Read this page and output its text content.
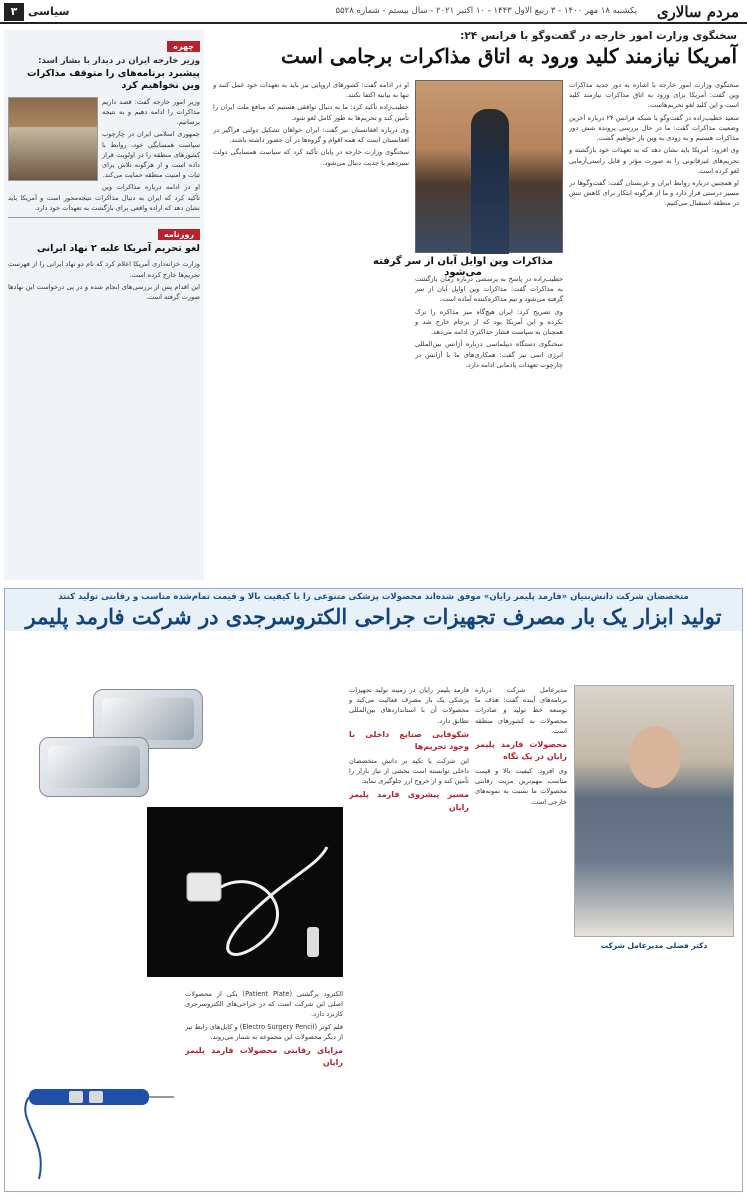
مردم سالاری
یکشنبه ۱۸ مهر ۱۴۰۰ - ۳ ربیع الاول ۱۴۴۳ - ۱۰ اکتبر ۲۰۲۱ - سال بیستم - شماره ۵۵۲۸
سیاسی
۳
چهره
وزیر خارجه ایران در دیدار با بشار اسد:
پیشبرد برنامه‌های را متوقف مذاکرات وین نخواهیم کرد

وزیر امور خارجه گفت: قصد داریم مذاکرات را ادامه دهیم و به نتیجه برسانیم.

جمهوری اسلامی ایران در چارچوب سیاست همسایگی خود، روابط با کشورهای منطقه را در اولویت قرار داده است و از هرگونه تلاش برای ثبات و امنیت منطقه حمایت می‌کند.

او در ادامه درباره مذاکرات وین تأکید کرد که ایران به دنبال مذاکرات نتیجه‌محور است و آمریکا باید نشان دهد که اراده واقعی برای بازگشت به تعهدات خود دارد.

روز‌نامه
لغو تحریم آمریکا علیه ۲ نهاد ایرانی

وزارت خزانه‌داری آمریکا اعلام کرد که نام دو نهاد ایرانی را از فهرست تحریم‌ها خارج کرده است.

این اقدام پس از بررسی‌های انجام شده و در پی درخواست این نهادها صورت گرفته است.

سخنگوی وزارت امور خارجه در گفت‌وگو با فرانس ۲۴:
آمریکا نیازمند کلید ورود به اتاق مذاکرات برجامی است
مذاکرات وین اوایل آبان از سر گرفته می‌شود

سخنگوی وزارت امور خارجه با اشاره به دور جدید مذاکرات وین گفت: آمریکا برای ورود به اتاق مذاکرات نیازمند کلید است و این کلید لغو تحریم‌هاست.

سعید خطیب‌زاده در گفت‌وگو با شبکه فرانس ۲۴ درباره آخرین وضعیت مذاکرات گفت: ما در حال بررسی پرونده شش دور مذاکرات هستیم و به زودی به وین باز خواهیم گشت.

وی افزود: آمریکا باید نشان دهد که به تعهدات خود بازگشته و تحریم‌های غیرقانونی را به صورت مؤثر و قابل راستی‌آزمایی لغو کرده است.

او همچنین درباره روابط ایران و عربستان گفت: گفت‌وگوها در مسیر درستی قرار دارد و ما از هرگونه ابتکار برای کاهش تنش در منطقه استقبال می‌کنیم.

خطیب‌زاده در پاسخ به پرسشی درباره زمان بازگشت به مذاکرات گفت: مذاکرات وین اوایل آبان از سر گرفته می‌شود و تیم مذاکره‌کننده آماده است.

وی تصریح کرد: ایران هیچ‌گاه میز مذاکره را ترک نکرده و این آمریکا بود که از برجام خارج شد و همچنان به سیاست فشار حداکثری ادامه می‌دهد.

سخنگوی دستگاه دیپلماسی درباره آژانس بین‌المللی انرژی اتمی نیز گفت: همکاری‌های ما با آژانس در چارچوب تعهدات پادمانی ادامه دارد.

او در ادامه گفت: کشورهای اروپایی نیز باید به تعهدات خود عمل کنند و تنها به بیانیه اکتفا نکنند.

خطیب‌زاده تأکید کرد: ما به دنبال توافقی هستیم که منافع ملت ایران را تأمین کند و تحریم‌ها به طور کامل لغو شود.

وی درباره افغانستان نیز گفت: ایران خواهان تشکیل دولتی فراگیر در افغانستان است که همه اقوام و گروه‌ها در آن حضور داشته باشند.

سخنگوی وزارت خارجه در پایان تأکید کرد که سیاست همسایگی دولت سیزدهم با جدیت دنبال می‌شود.

متخصصان شرکت دانش‌بنیان «فارمد پلیمر رایان» موفق شده‌اند محصولات پزشکی متنوعی را با کیفیت بالا و قیمت تمام‌شده مناسب و رقابتی تولید کنند
تولید ابزار یک بار مصرف تجهیزات جراحی الکتروسرجدی در شرکت فارمد پلیمر

فارمد پلیمر رایان در زمینه تولید تجهیزات پزشکی یک بار مصرف فعالیت می‌کند و محصولات آن با استانداردهای بین‌المللی تطابق دارد.

شکوفایی صنایع داخلی با وجود تحریم‌ها

این شرکت با تکیه بر دانش متخصصان داخلی توانسته است بخشی از نیاز بازار را تأمین کند و از خروج ارز جلوگیری نماید.

مسیر پیشروی فارمد پلیمر رایان

الکترود برگشتی (Patient Plate) یکی از محصولات اصلی این شرکت است که در جراحی‌های الکتروسرجری کاربرد دارد.

قلم کوتر (Electro Surgery Pencil) و کابل‌های رابط نیز از دیگر محصولات این مجموعه به شمار می‌روند.

مزایای رقابتی محصولات فارمد پلیمر رایان

مدیرعامل شرکت درباره برنامه‌های آینده گفت: هدف ما توسعه خط تولید و صادرات محصولات به کشورهای منطقه است.

محصولات فارمد پلیمر رایان در یک نگاه

وی افزود: کیفیت بالا و قیمت مناسب مهم‌ترین مزیت رقابتی محصولات ما نسبت به نمونه‌های خارجی است.

دکتر فضلی مدیرعامل شرکت
